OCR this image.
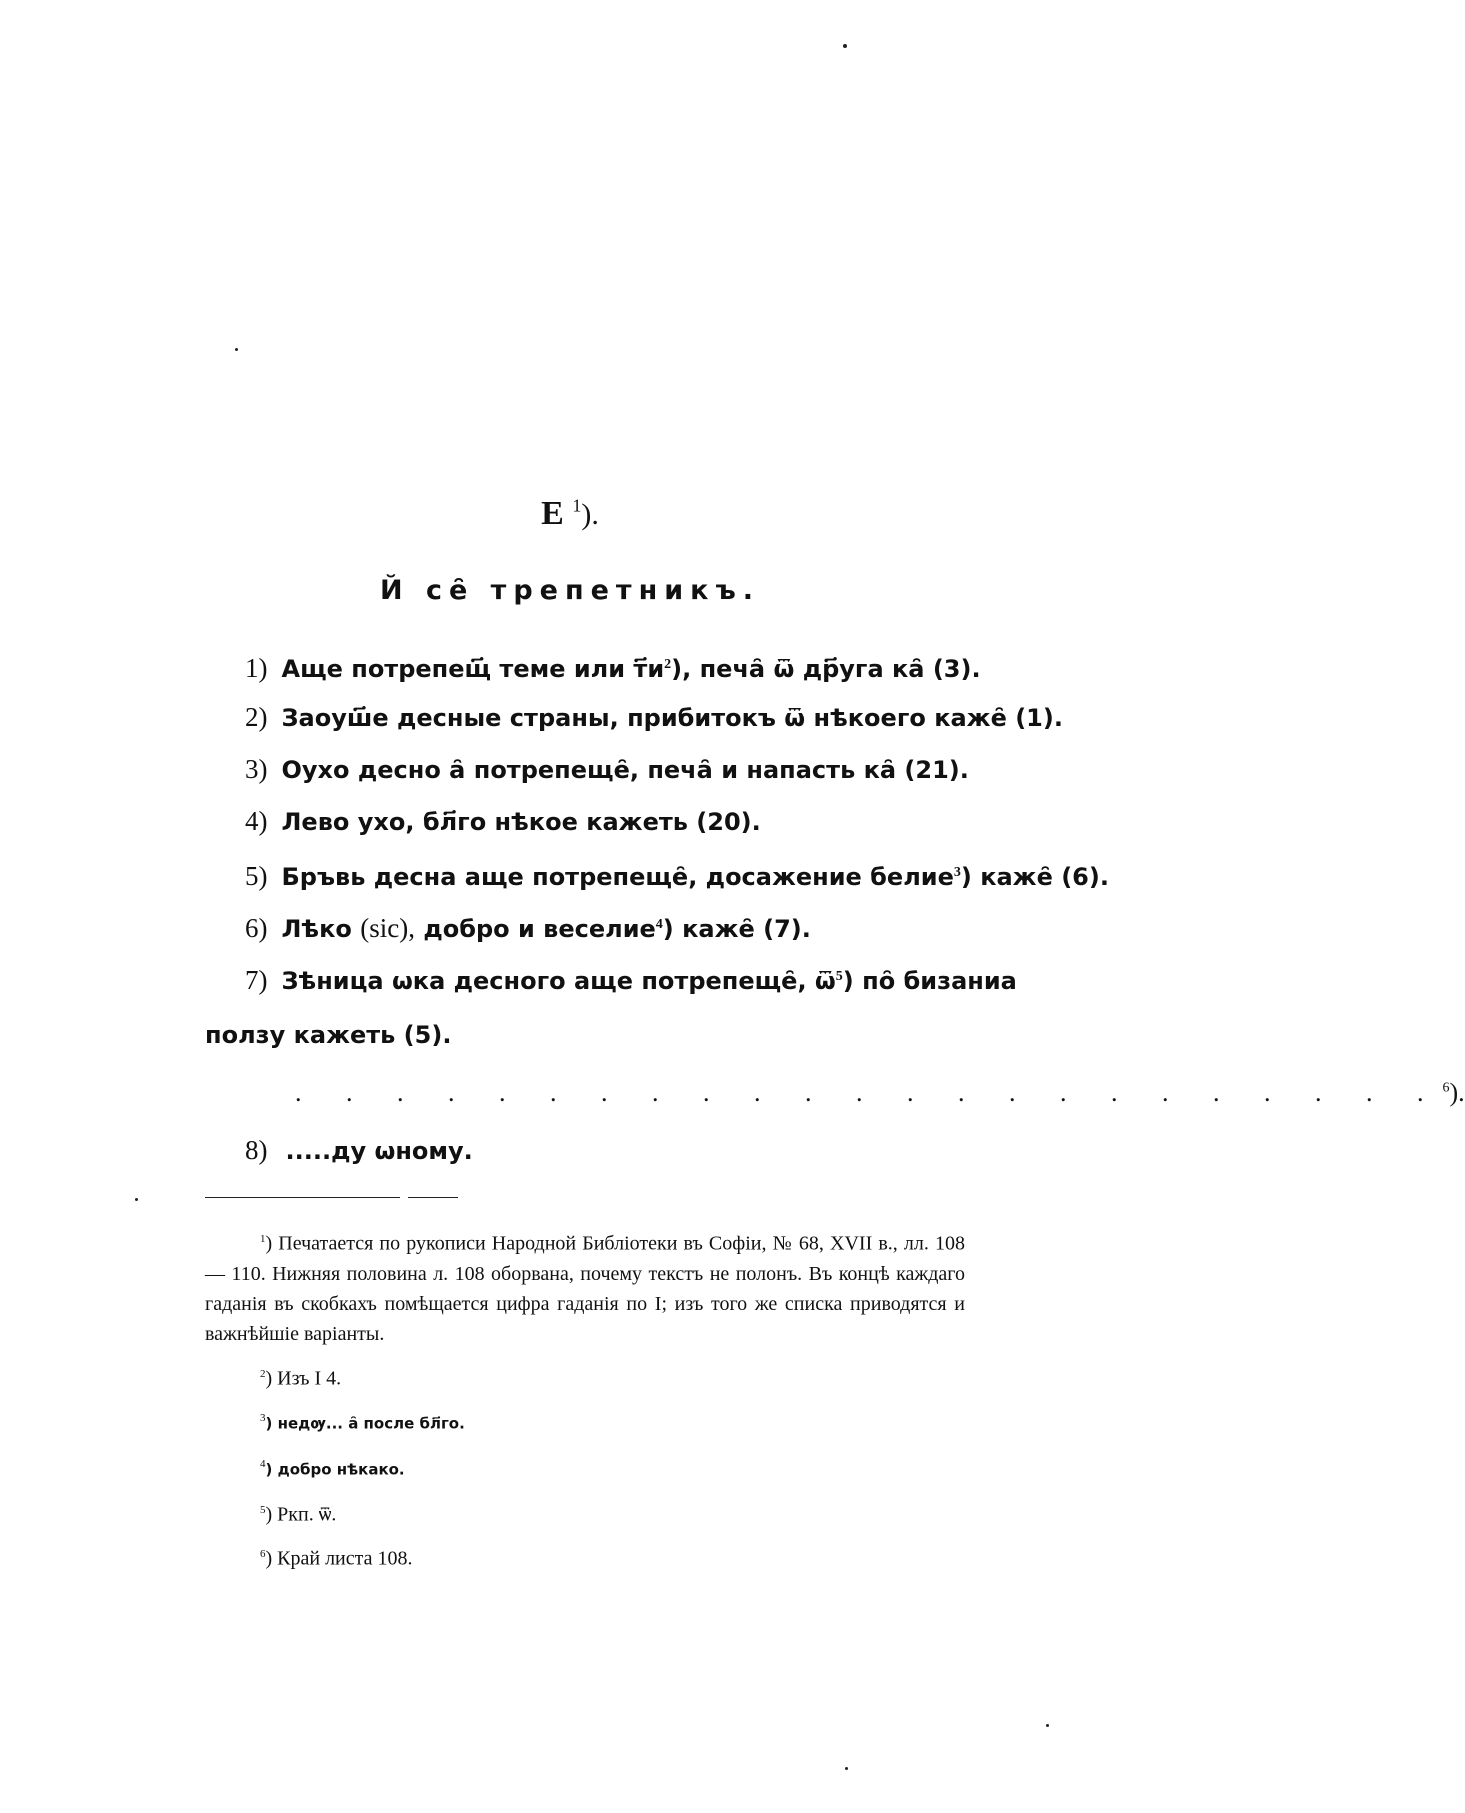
Е $^1$).
Й се̑ трепетникъ.
1) Аще потрепещ҃ теме или $т҃и^2$), печа̑ ѿ др҃уга ка̑ (3).
2) Заоуш҃е десные страны, прибитокъ ѿ нѣкоего каже̑ (1).
3) Оухо десно а̑ потрепеще̑, печа̑ и напасть ка̑ (21).
4) Лево ухо, бл҃го нѣкое кажеть (20).
5) Бръвь десна аще потрепеще̑, досажение белие$^3$) каже̑ (6).
6) Лѣко (sic), добро и веселие$^4$) каже̑ (7).
7) Зѣница ѡка десного аще потрепеще̑, $ѿ^5$) по̑ бизаниа
ползу кажеть (5).
. . . . . . . . . . . . . . . . . . . . . . .$^6$).
8) .....ду ѡному.

$^1$) Печатается по рукописи Народной Библіотеки въ Софіи, № 68, XVII в., лл. 108 — 110. Нижняя половина л. 108 оборвана, почему текстъ не полонъ. Въ концѣ каждаго гаданія въ скобкахъ помѣщается цифра гаданія по I; изъ того же списка приводятся и важнѣйшіе варіанты.

$^2$) Изъ I 4.
$^3$) недѹ... а̑ после бл҃го.
$^4$) добро нѣкако.
$^5$) Ркп. ѿ.
$^6$) Край листа 108.
